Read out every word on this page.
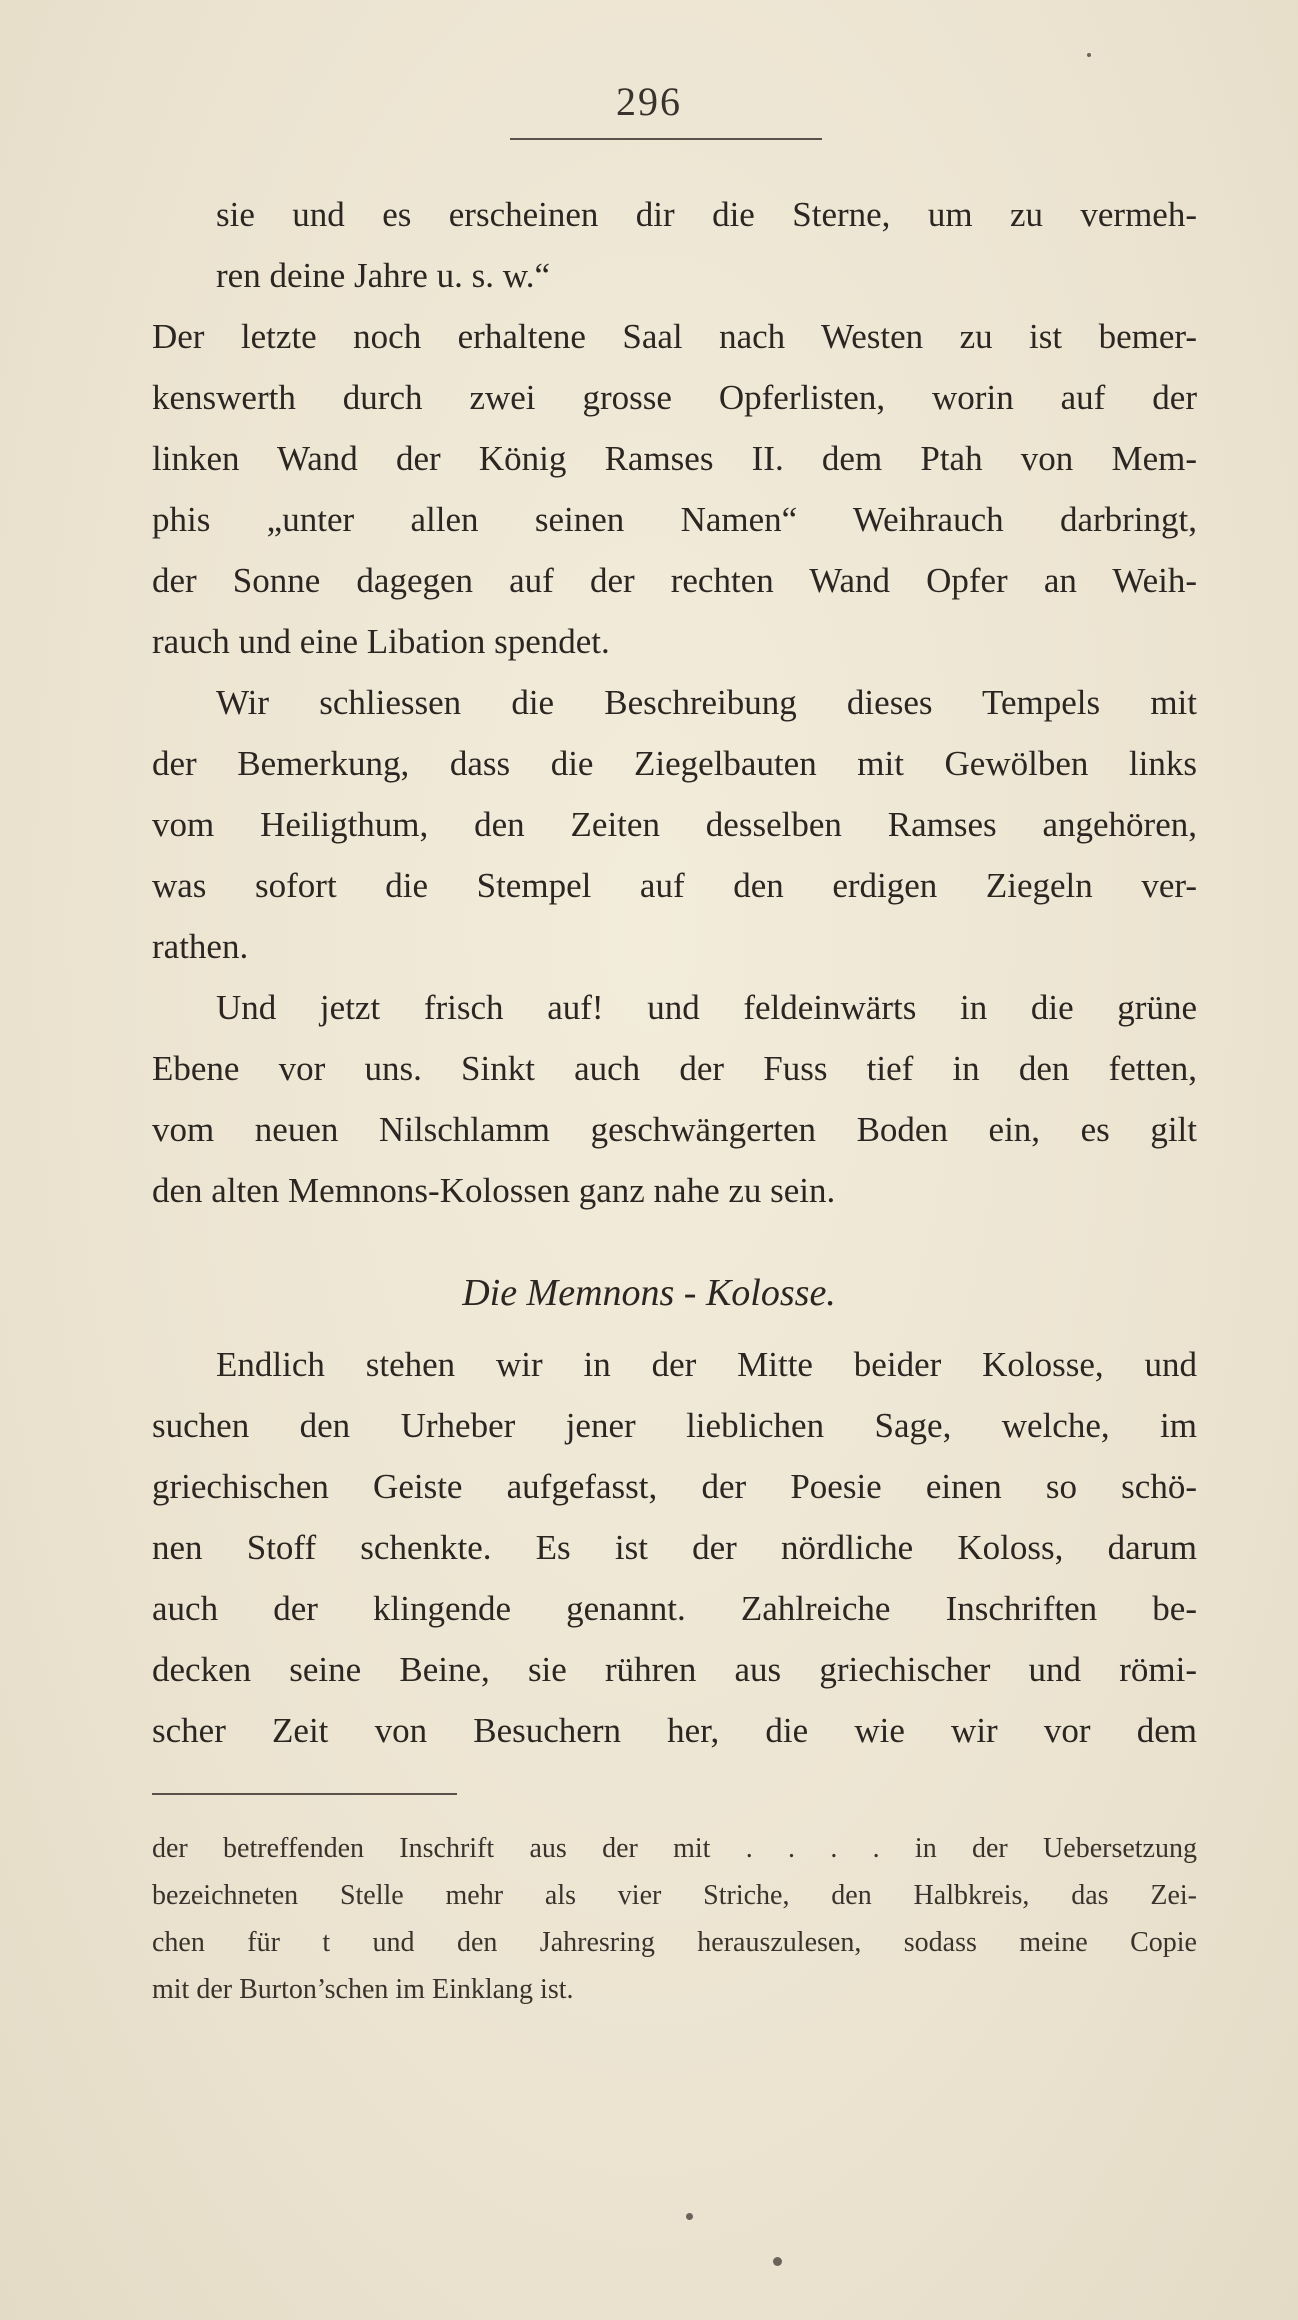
296
sie und es erscheinen dir die Sterne, um zu vermeh-
ren deine Jahre u. s. w.“
Der letzte noch erhaltene Saal nach Westen zu ist bemer-
kenswerth durch zwei grosse Opferlisten, worin auf der
linken Wand der König Ramses II. dem Ptah von Mem-
phis „unter allen seinen Namen“ Weihrauch darbringt,
der Sonne dagegen auf der rechten Wand Opfer an Weih-
rauch und eine Libation spendet.
Wir schliessen die Beschreibung dieses Tempels mit
der Bemerkung, dass die Ziegelbauten mit Gewölben links
vom Heiligthum, den Zeiten desselben Ramses angehören,
was sofort die Stempel auf den erdigen Ziegeln ver-
rathen.
Und jetzt frisch auf! und feldeinwärts in die grüne
Ebene vor uns. Sinkt auch der Fuss tief in den fetten,
vom neuen Nilschlamm geschwängerten Boden ein, es gilt
den alten Memnons-Kolossen ganz nahe zu sein.
Die Memnons - Kolosse.
Endlich stehen wir in der Mitte beider Kolosse, und
suchen den Urheber jener lieblichen Sage, welche, im
griechischen Geiste aufgefasst, der Poesie einen so schö-
nen Stoff schenkte. Es ist der nördliche Koloss, darum
auch der klingende genannt. Zahlreiche Inschriften be-
decken seine Beine, sie rühren aus griechischer und römi-
scher Zeit von Besuchern her, die wie wir vor dem
der betreffenden Inschrift aus der mit . . . . in der Uebersetzung
bezeichneten Stelle mehr als vier Striche, den Halbkreis, das Zei-
chen für t und den Jahresring herauszulesen, sodass meine Copie
mit der Burton’schen im Einklang ist.
